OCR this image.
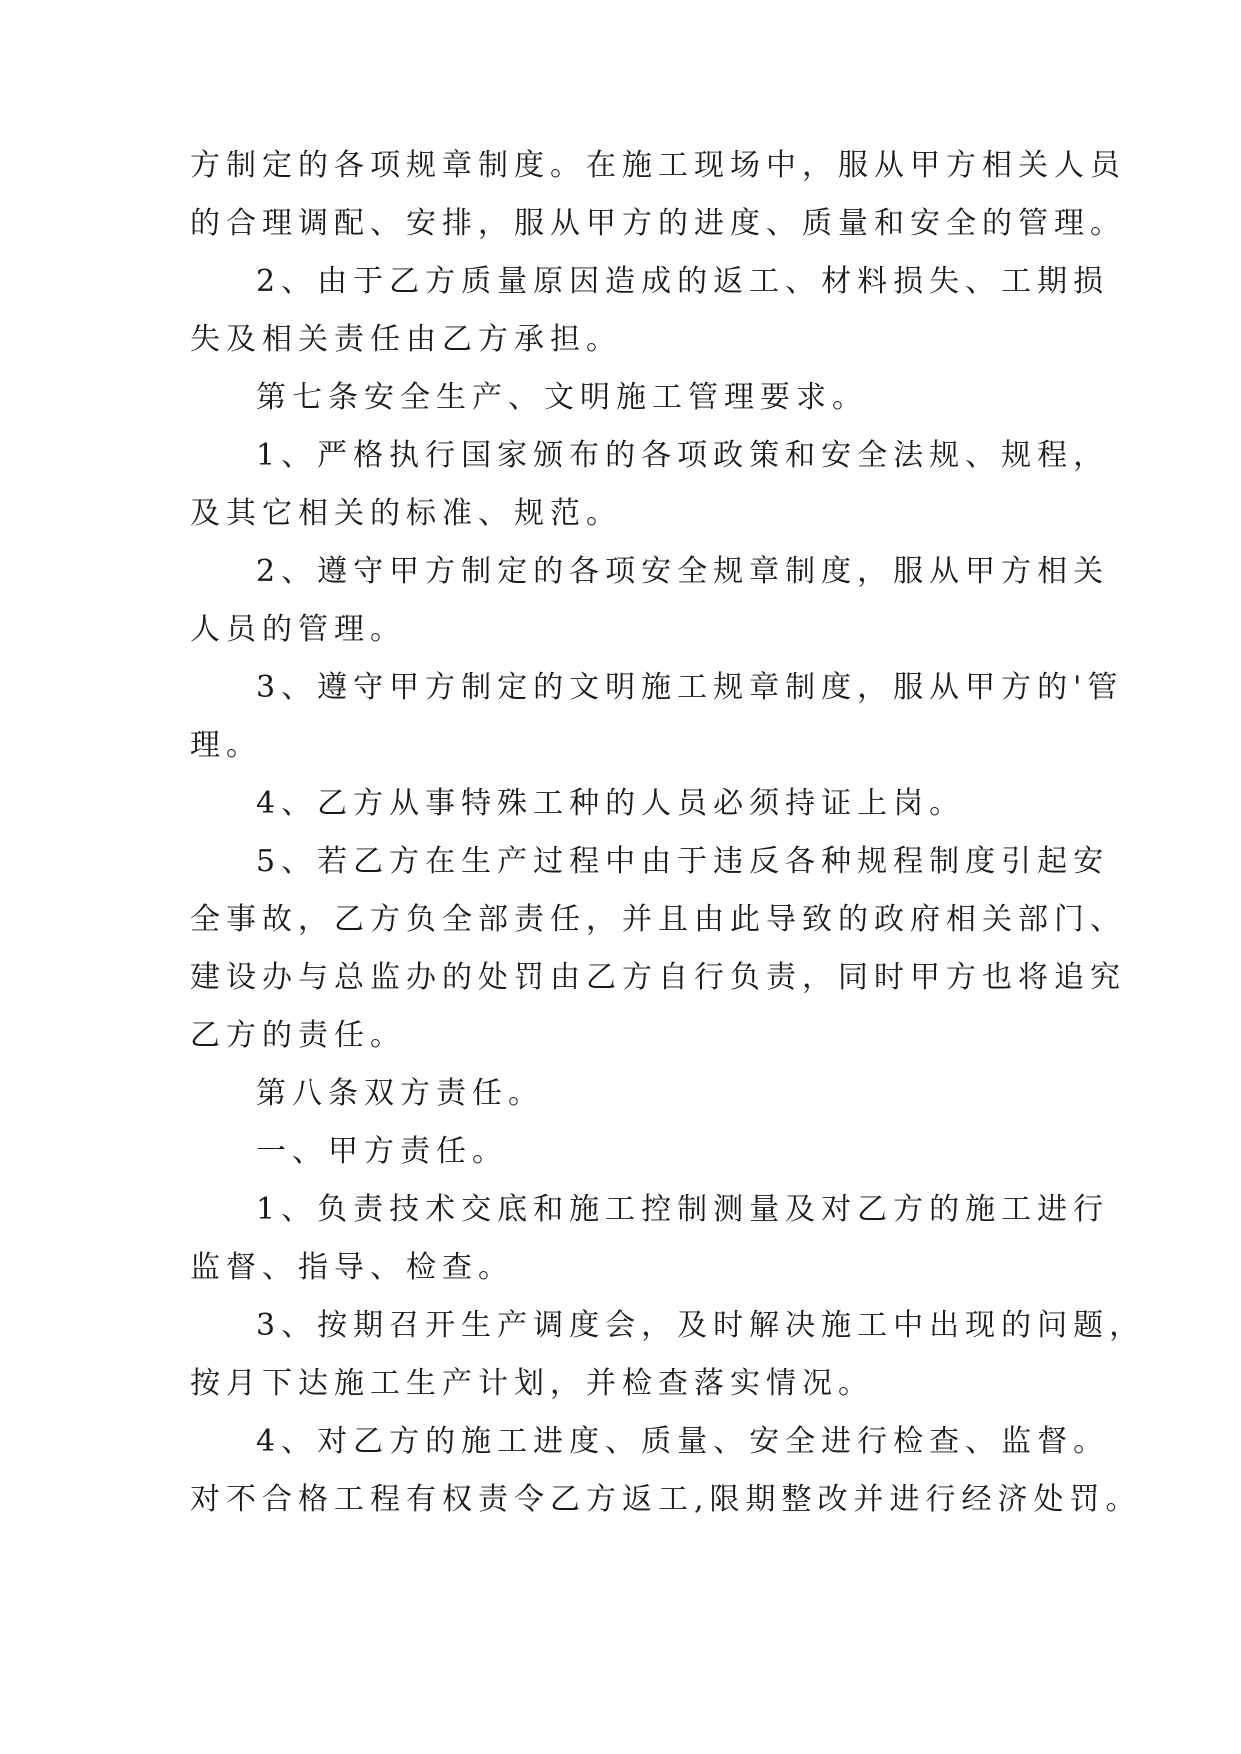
方制定的各项规章制度。在施工现场中，服从甲方相关人员

的合理调配、安排，服从甲方的进度、质量和安全的管理。

2、由于乙方质量原因造成的返工、材料损失、工期损

失及相关责任由乙方承担。

第七条安全生产、文明施工管理要求。

1、严格执行国家颁布的各项政策和安全法规、规程，

及其它相关的标准、规范。

2、遵守甲方制定的各项安全规章制度，服从甲方相关

人员的管理。

3、遵守甲方制定的文明施工规章制度，服从甲方的'管

理。

4、乙方从事特殊工种的人员必须持证上岗。

5、若乙方在生产过程中由于违反各种规程制度引起安

全事故，乙方负全部责任，并且由此导致的政府相关部门、

建设办与总监办的处罚由乙方自行负责，同时甲方也将追究

乙方的责任。

第八条双方责任。

一、甲方责任。

1、负责技术交底和施工控制测量及对乙方的施工进行

监督、指导、检查。

3、按期召开生产调度会，及时解决施工中出现的问题，

按月下达施工生产计划，并检查落实情况。

4、对乙方的施工进度、质量、安全进行检查、监督。

对不合格工程有权责令乙方返工,限期整改并进行经济处罚。
